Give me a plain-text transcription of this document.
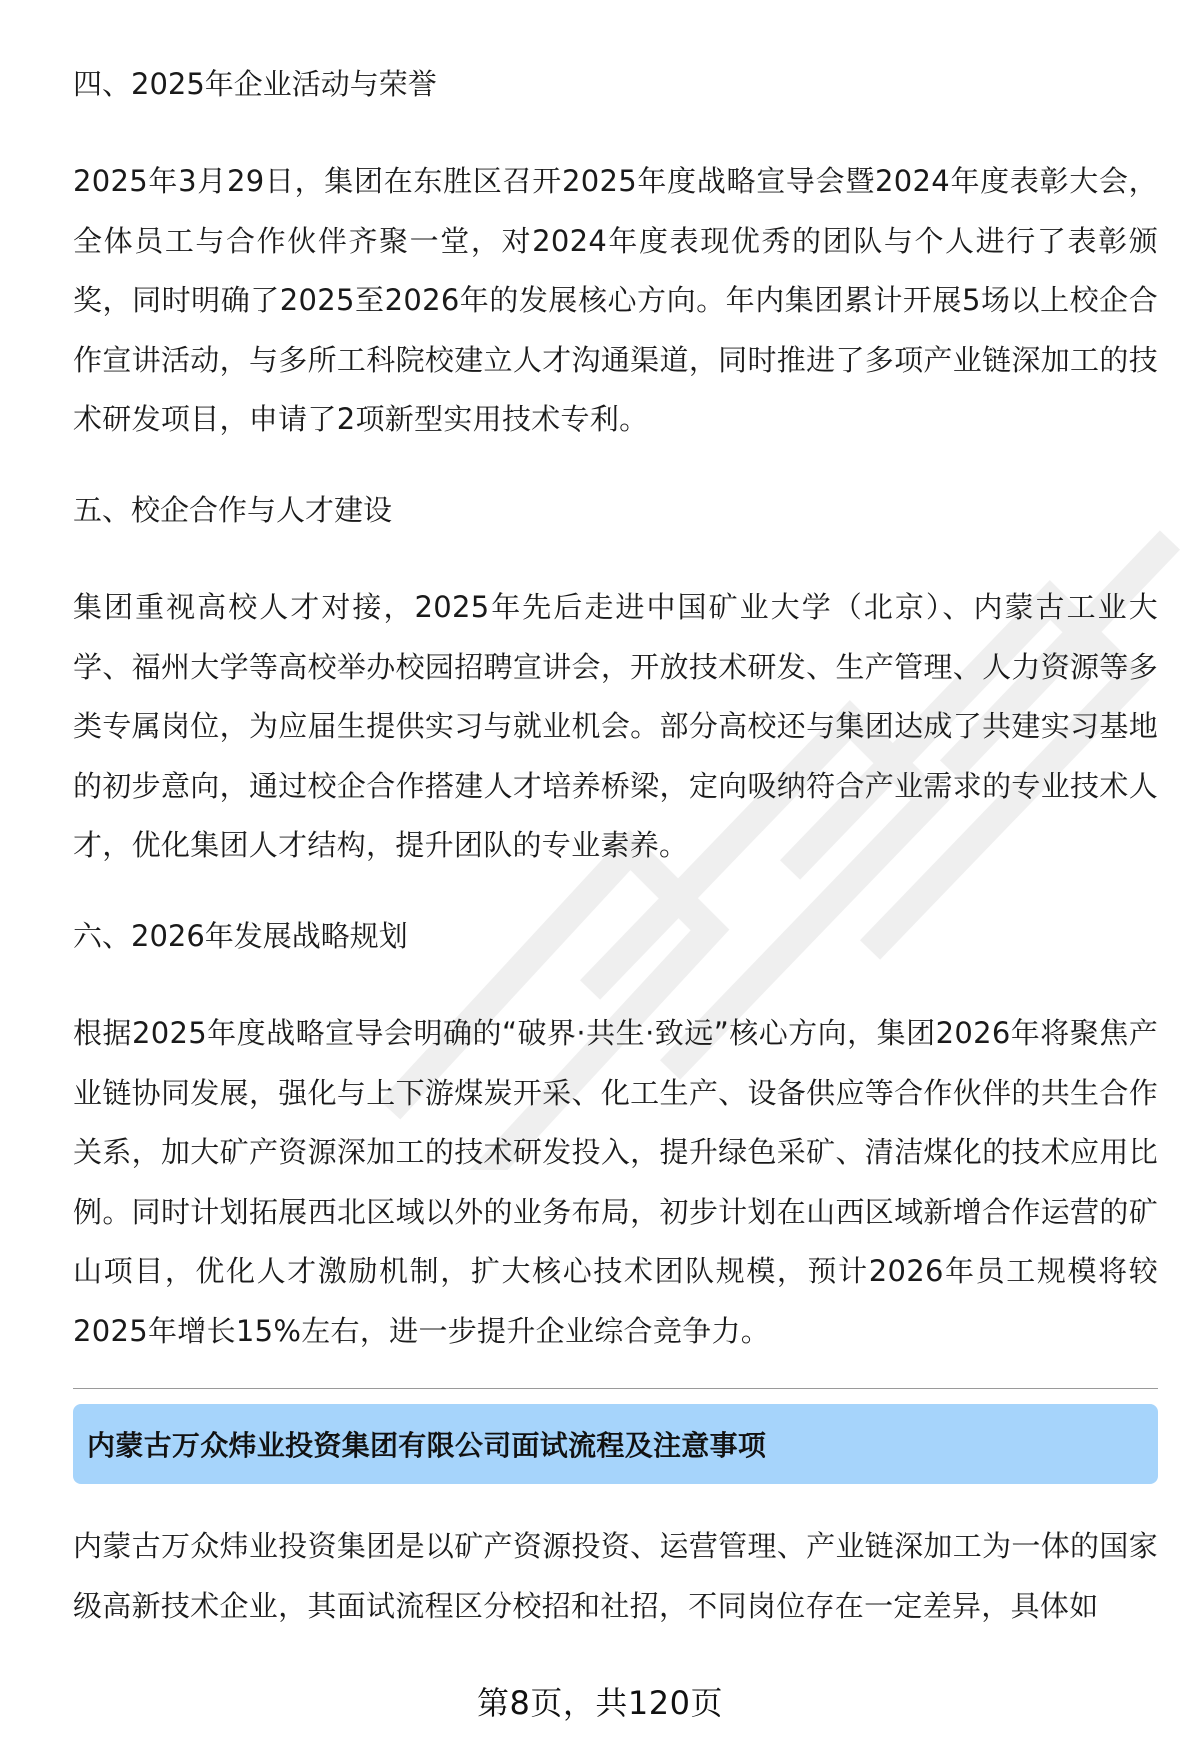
四、2025年企业活动与荣誉

2025年3月29日，集团在东胜区召开2025年度战略宣导会暨2024年度表彰大会，全体员工与合作伙伴齐聚一堂，对2024年度表现优秀的团队与个人进行了表彰颁奖，同时明确了2025至2026年的发展核心方向。年内集团累计开展5场以上校企合作宣讲活动，与多所工科院校建立人才沟通渠道，同时推进了多项产业链深加工的技术研发项目，申请了2项新型实用技术专利。

五、校企合作与人才建设

集团重视高校人才对接，2025年先后走进中国矿业大学（北京）、内蒙古工业大学、福州大学等高校举办校园招聘宣讲会，开放技术研发、生产管理、人力资源等多类专属岗位，为应届生提供实习与就业机会。部分高校还与集团达成了共建实习基地的初步意向，通过校企合作搭建人才培养桥梁，定向吸纳符合产业需求的专业技术人才，优化集团人才结构，提升团队的专业素养。

六、2026年发展战略规划

根据2025年度战略宣导会明确的“破界·共生·致远”核心方向，集团2026年将聚焦产业链协同发展，强化与上下游煤炭开采、化工生产、设备供应等合作伙伴的共生合作关系，加大矿产资源深加工的技术研发投入，提升绿色采矿、清洁煤化的技术应用比例。同时计划拓展西北区域以外的业务布局，初步计划在山西区域新增合作运营的矿山项目，优化人才激励机制，扩大核心技术团队规模，预计2026年员工规模将较2025年增长15%左右，进一步提升企业综合竞争力。

内蒙古万众炜业投资集团有限公司面试流程及注意事项

内蒙古万众炜业投资集团是以矿产资源投资、运营管理、产业链深加工为一体的国家级高新技术企业，其面试流程区分校招和社招，不同岗位存在一定差异，具体如

第8页，共120页
